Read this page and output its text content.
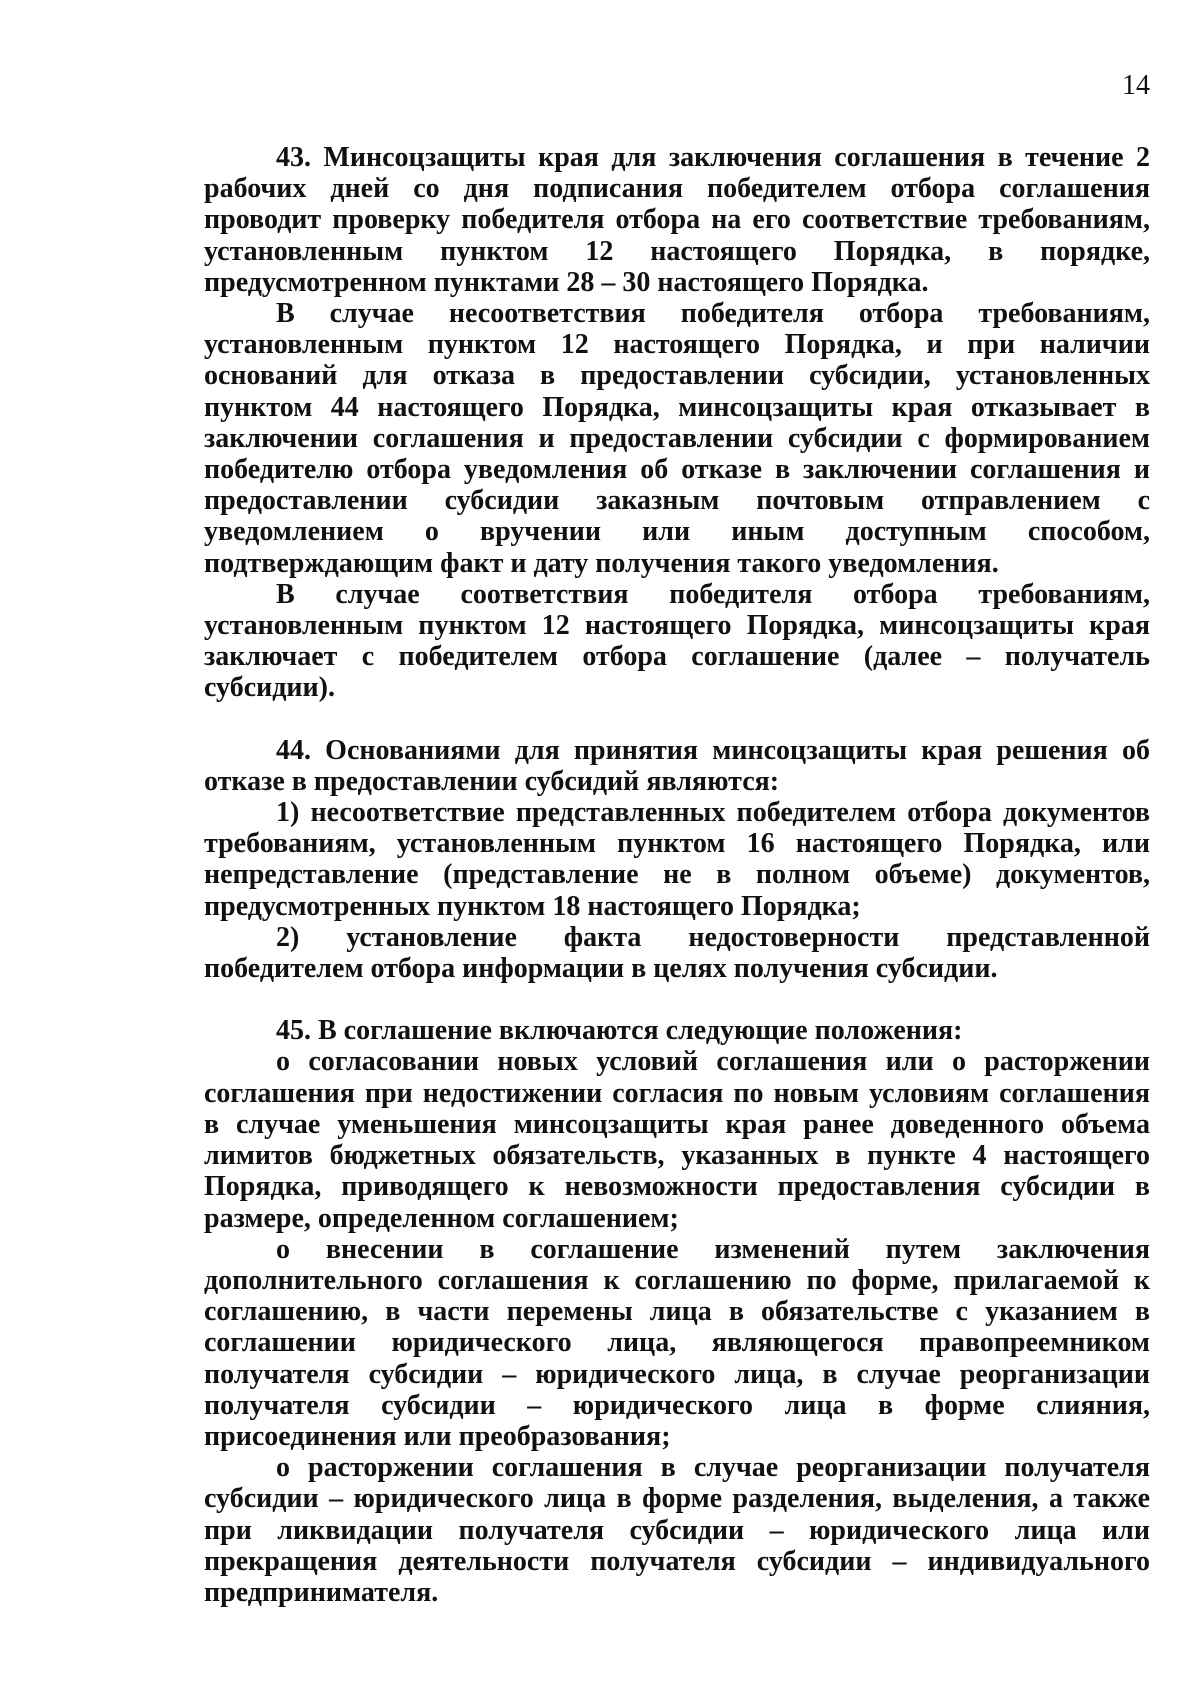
14

43. Минсоцзащиты края для заключения соглашения в течение 2 рабочих дней со дня подписания победителем отбора соглашения проводит проверку победителя отбора на его соответствие требованиям, установленным пунктом 12 настоящего Порядка, в порядке, предусмотренном пунктами 28 – 30 настоящего Порядка.

В случае несоответствия победителя отбора требованиям, установленным пунктом 12 настоящего Порядка, и при наличии оснований для отказа в предоставлении субсидии, установленных пунктом 44 настоящего Порядка, минсоцзащиты края отказывает в заключении соглашения и предоставлении субсидии с формированием победителю отбора уведомления об отказе в заключении соглашения и предоставлении субсидии заказным почтовым отправлением с уведомлением о вручении или иным доступным способом, подтверждающим факт и дату получения такого уведомления.

В случае соответствия победителя отбора требованиям, установленным пунктом 12 настоящего Порядка, минсоцзащиты края заключает с победителем отбора соглашение (далее – получатель субсидии).

44. Основаниями для принятия минсоцзащиты края решения об отказе в предоставлении субсидий являются:

1) несоответствие представленных победителем отбора документов требованиям, установленным пунктом 16 настоящего Порядка, или непредставление (представление не в полном объеме) документов, предусмотренных пунктом 18 настоящего Порядка;

2) установление факта недостоверности представленной победителем отбора информации в целях получения субсидии.

45. В соглашение включаются следующие положения:

о согласовании новых условий соглашения или о расторжении соглашения при недостижении согласия по новым условиям соглашения в случае уменьшения минсоцзащиты края ранее доведенного объема лимитов бюджетных обязательств, указанных в пункте 4 настоящего Порядка, приводящего к невозможности предоставления субсидии в размере, определенном соглашением;

о внесении в соглашение изменений путем заключения дополнительного соглашения к соглашению по форме, прилагаемой к соглашению, в части перемены лица в обязательстве с указанием в соглашении юридического лица, являющегося правопреемником получателя субсидии – юридического лица, в случае реорганизации получателя субсидии – юридического лица в форме слияния, присоединения или преобразования;

о расторжении соглашения в случае реорганизации получателя субсидии – юридического лица в форме разделения, выделения, а также при ликвидации получателя субсидии – юридического лица или прекращения деятельности получателя субсидии – индивидуального предпринимателя.
